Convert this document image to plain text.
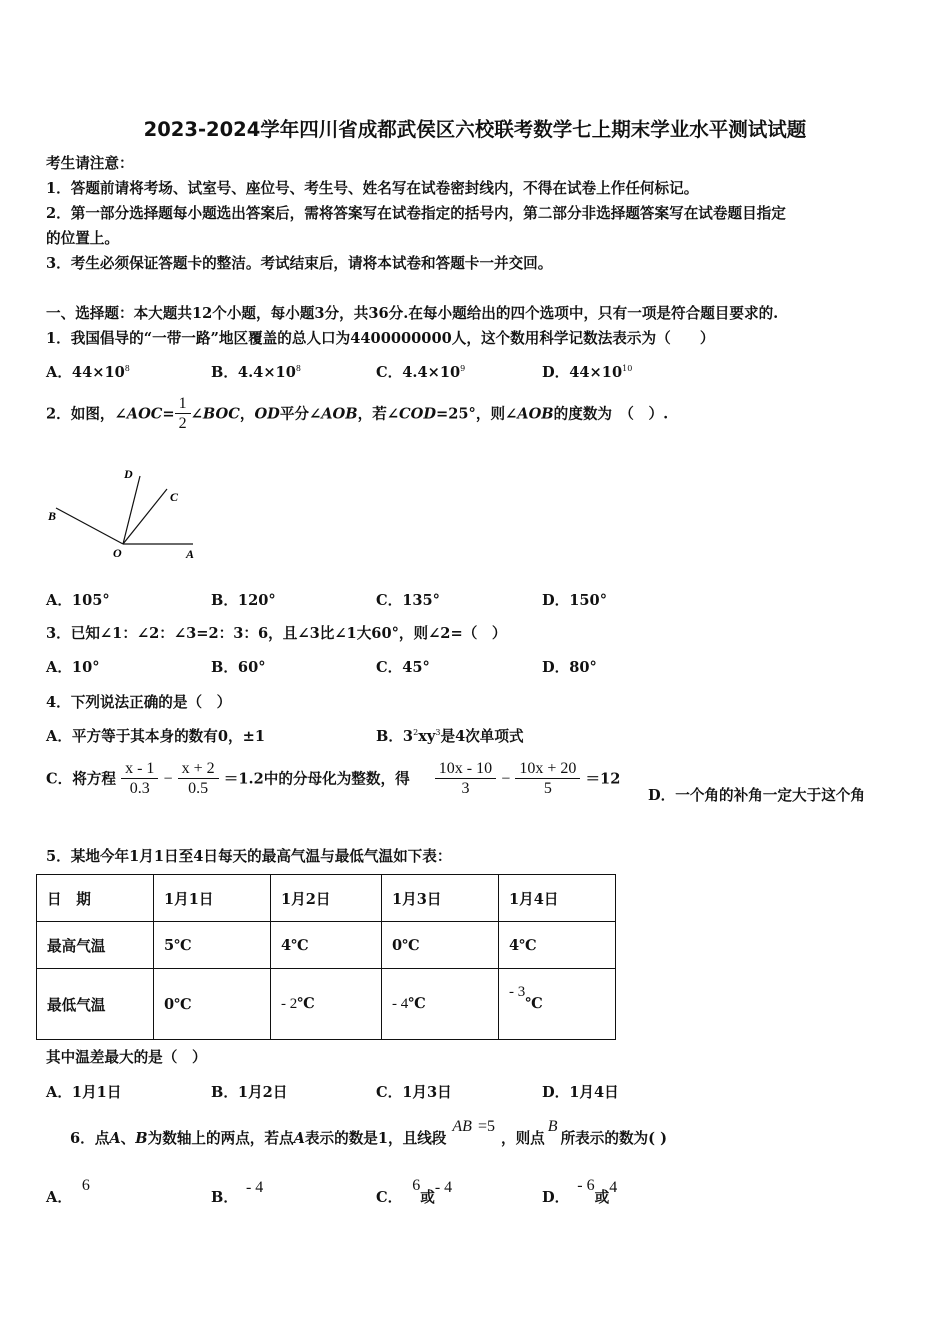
2023-2024学年四川省成都武侯区六校联考数学七上期末学业水平测试试题
考生请注意：
1．答题前请将考场、试室号、座位号、考生号、姓名写在试卷密封线内，不得在试卷上作任何标记。
2．第一部分选择题每小题选出答案后，需将答案写在试卷指定的括号内，第二部分非选择题答案写在试卷题目指定
的位置上。
3．考生必须保证答题卡的整洁。考试结束后，请将本试卷和答题卡一并交回。
一、选择题：本大题共12个小题，每小题3分，共36分.在每小题给出的四个选项中，只有一项是符合题目要求的.
1．我国倡导的“一带一路”地区覆盖的总人口为4400000000人，这个数用科学记数法表示为（　　）
A．$44\times 10^8$	B．$4.4\times 10^8$	C．$4.4\times 10^9$	D．$44\times 10^{10}$
2．如图，∠AOC= $\frac{1}{2}$ ∠BOC，OD平分∠AOB，若∠COD=25°，则∠AOB的度数为　（　）.
D
C
B
O	A
A．105°	B．120°	C．135°	D．150°
3．已知∠1：∠2：∠3=2：3：6，且∠3比∠1大60°，则∠2=（　）
A．10°	B．60°	C．45°	D．80°
4．下列说法正确的是（　）
A．平方等于其本身的数有0，±1	B．$3^2xy^3$是4次单项式
C．将方程 $\frac{x - 1}{0.3} - \frac{x + 2}{0.5} =1.2$中的分母化为整数，得 $\frac{10x - 10}{3} - \frac{10x + 20}{5} =12$
D．一个角的补角一定大于这个角
5．某地今年1月1日至4日每天的最高气温与最低气温如下表：
日　期	1月1日	1月2日	1月3日	1月4日
最高气温	5℃	4℃	0℃	4℃
最低气温	0℃	- 2℃	- 4℃	- 3℃
其中温差最大的是（　）
A．1月1日	B．1月2日	C．1月3日	D．1月4日
6．点A、B为数轴上的两点，若点A表示的数是1，且线段AB =5，则点B所表示的数为( )
A．6
B．- 4
C．6或- 4
D．- 6或4
